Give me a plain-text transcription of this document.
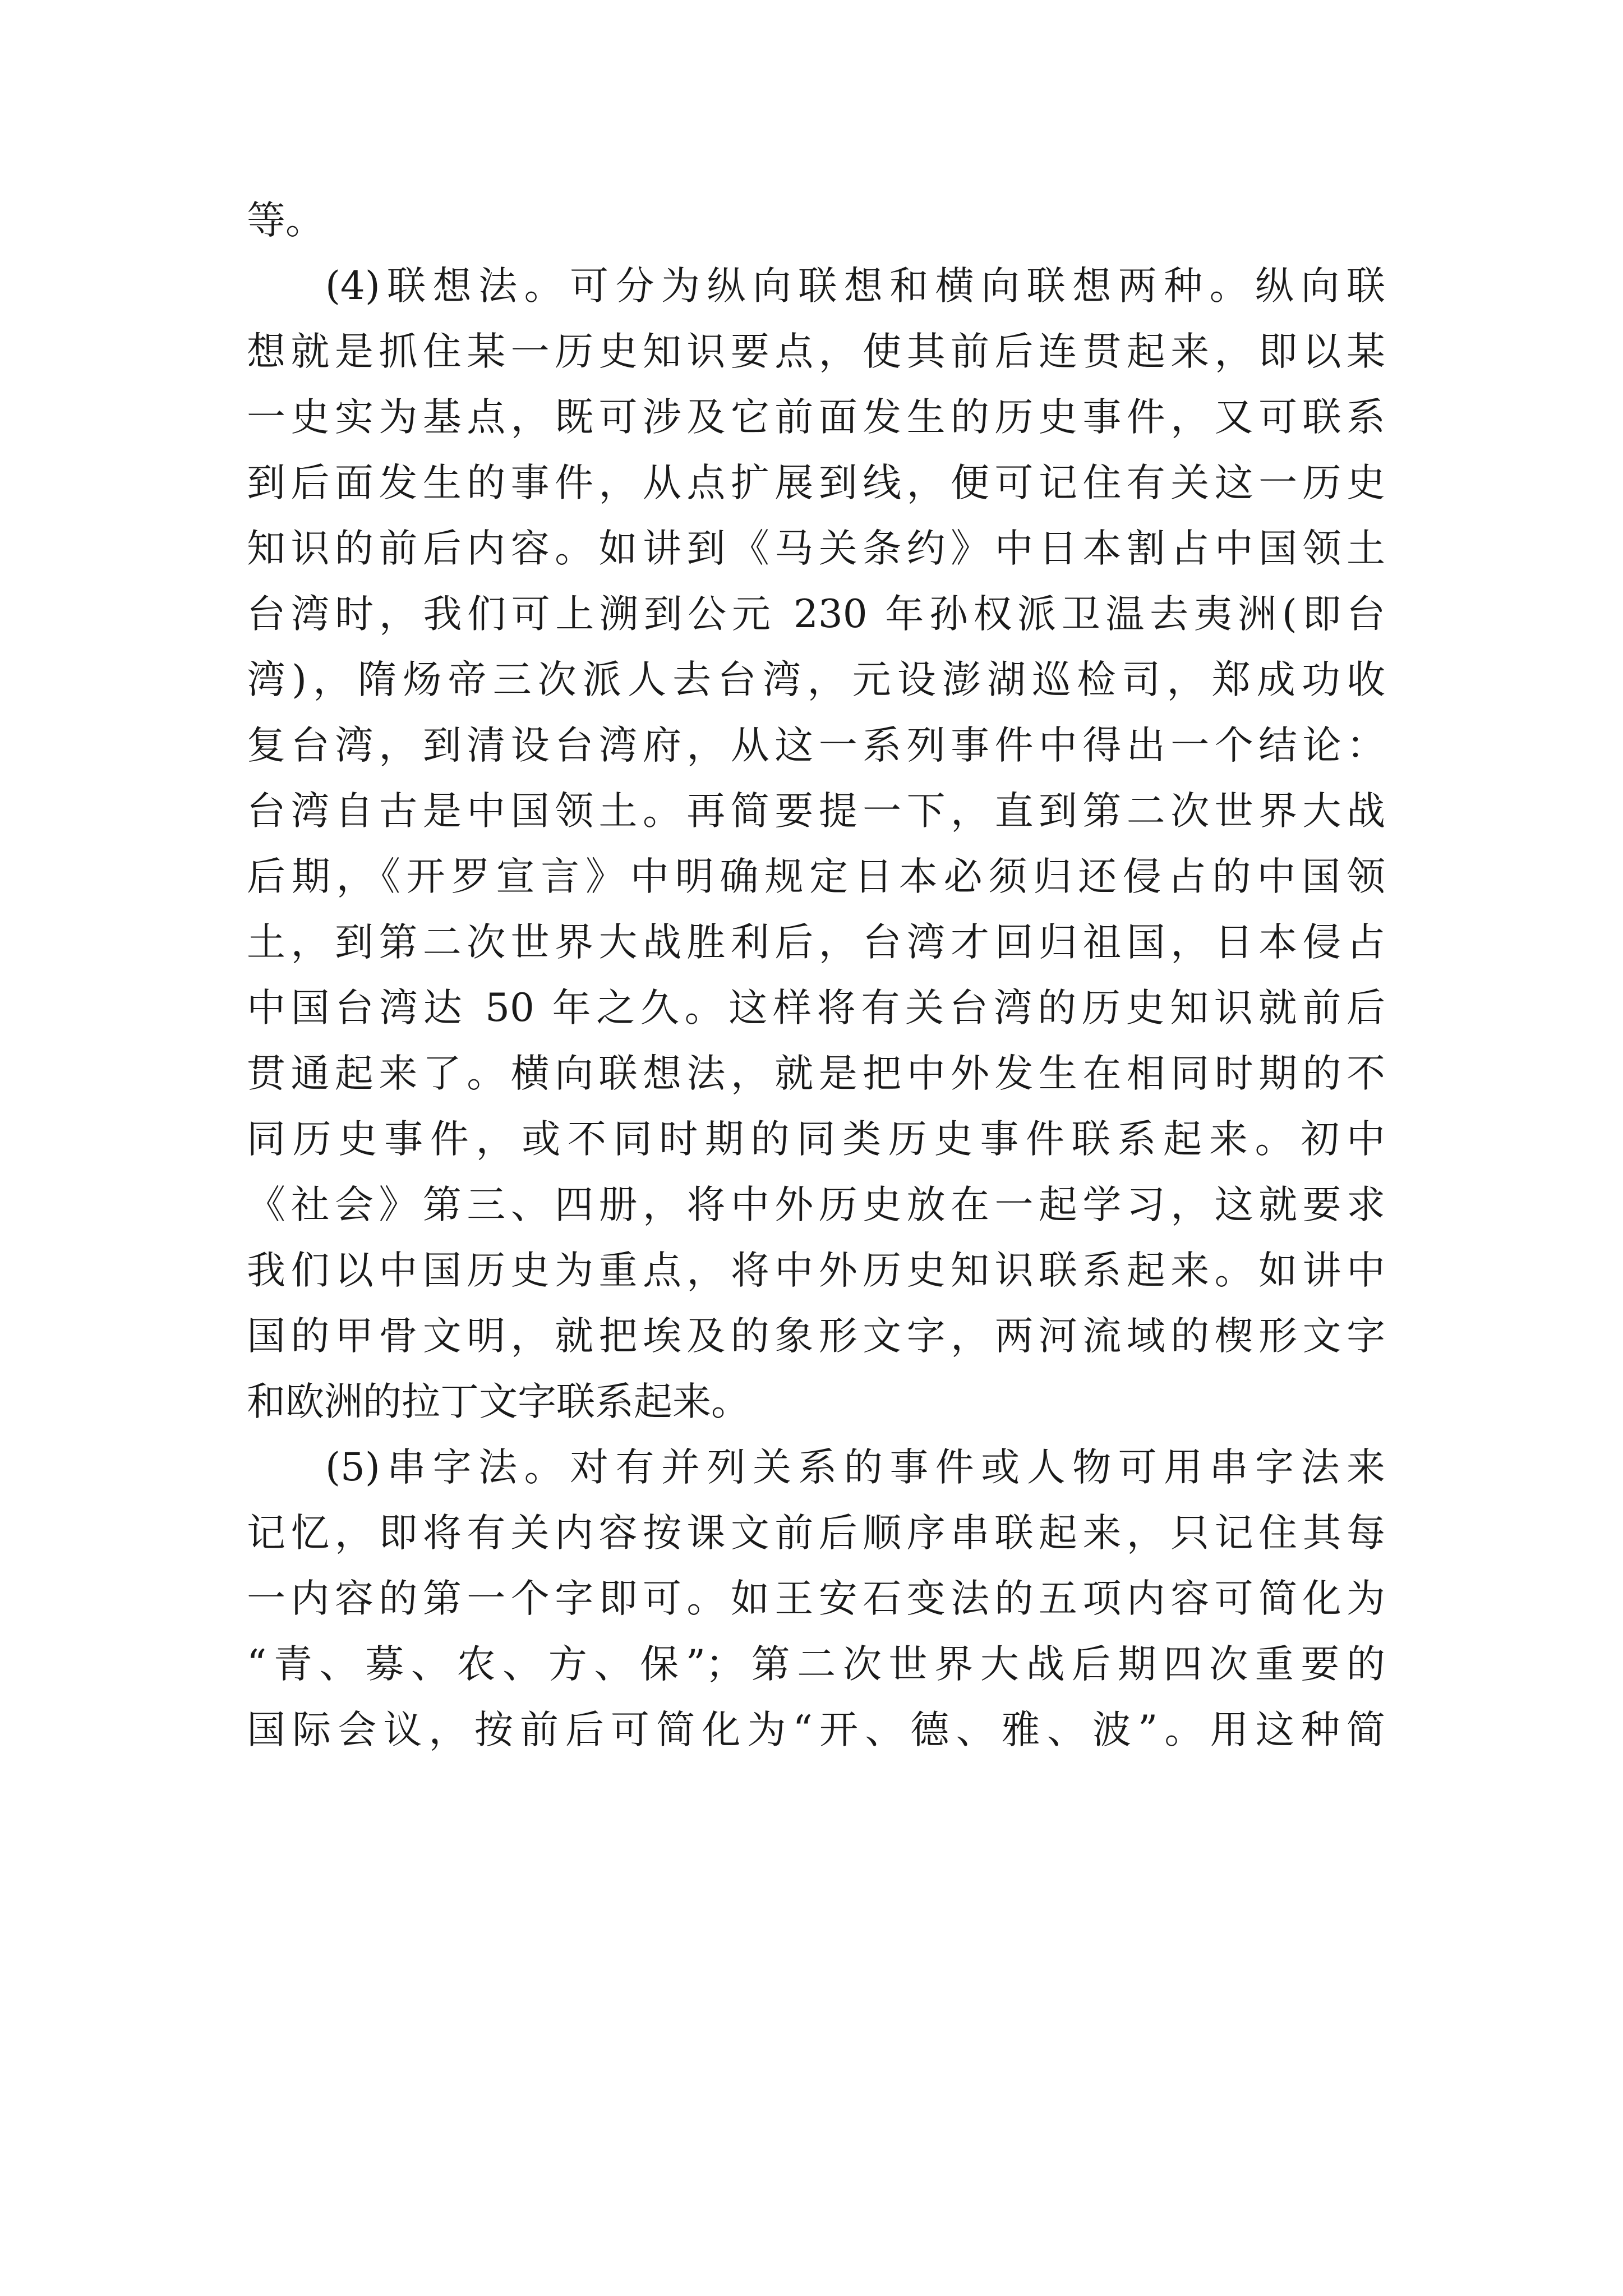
等。
(4)联想法。可分为纵向联想和横向联想两种。纵向联
想就是抓住某一历史知识要点，使其前后连贯起来，即以某
一史实为基点，既可涉及它前面发生的历史事件，又可联系
到后面发生的事件，从点扩展到线，便可记住有关这一历史
知识的前后内容。如讲到《马关条约》中日本割占中国领土
台湾时，我们可上溯到公元 230 年孙权派卫温去夷洲(即台
湾)，隋炀帝三次派人去台湾，元设澎湖巡检司，郑成功收
复台湾，到清设台湾府，从这一系列事件中得出一个结论：
台湾自古是中国领土。再简要提一下，直到第二次世界大战
后期，《开罗宣言》中明确规定日本必须归还侵占的中国领
土，到第二次世界大战胜利后，台湾才回归祖国，日本侵占
中国台湾达 50 年之久。这样将有关台湾的历史知识就前后
贯通起来了。横向联想法，就是把中外发生在相同时期的不
同历史事件，或不同时期的同类历史事件联系起来。初中
《社会》第三、四册，将中外历史放在一起学习，这就要求
我们以中国历史为重点，将中外历史知识联系起来。如讲中
国的甲骨文明，就把埃及的象形文字，两河流域的楔形文字
和欧洲的拉丁文字联系起来。
(5)串字法。对有并列关系的事件或人物可用串字法来
记忆，即将有关内容按课文前后顺序串联起来，只记住其每
一内容的第一个字即可。如王安石变法的五项内容可简化为
“青、募、农、方、保”；第二次世界大战后期四次重要的
国际会议，按前后可简化为“开、德、雅、波”。用这种简
